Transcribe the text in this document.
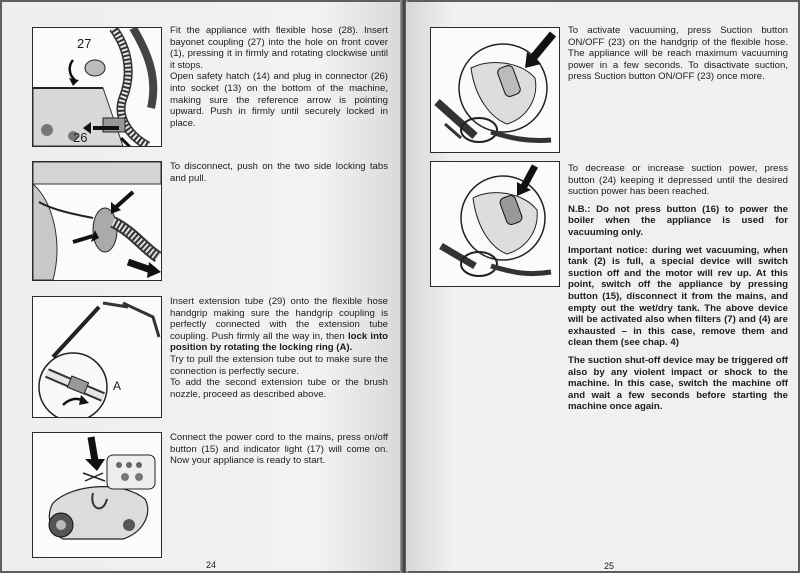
27
26
A

Fit the appliance with flexible hose (28). Insert bayonet coupling (27) into the hole on front cover (1), pressing it in firmly and rotating clockwise until it stops.
Open safety hatch (14) and plug in connector (26) into socket (13) on the bottom of the machine, making sure the reference arrow is pointing upward. Push in firmly until securely locked in place.

To disconnect, push on the two side locking tabs and pull.

Insert extension tube (29) onto the flexible hose handgrip making sure the handgrip coupling is perfectly connected with the extension tube coupling. Push firmly all the way in, then lock into position by rotating the locking ring (A).

Try to pull the extension tube out to make sure the connection is perfectly secure.

To add the second extension tube or the brush nozzle, proceed as described above.

Connect the power cord to the mains, press on/off button (15) and indicator light (17) will come on. Now your appliance is ready to start.

24

To activate vacuuming, press Suction button ON/OFF (23) on the handgrip of the flexible hose. The appliance will be reach maximum vacuuming power in a few seconds. To disactivate suction, press Suction button ON/OFF (23) once more.

To decrease or increase suction power, press button (24) keeping it depressed until the desired suction power has been reached.

N.B.: Do not press button (16) to power the boiler when the appliance is used for vacuuming only.

Important notice: during wet vacuuming, when tank (2) is full, a special device will switch suction off and the motor will rev up. At this point, switch off the appliance by pressing button (15), disconnect it from the mains, and empty out the wet/dry tank. The above device will be activated also when filters (7) and (4) are exhausted – in this case, remove them and clean them (see chap. 4)

The suction shut-off device may be triggered off also by any violent impact or shock to the machine. In this case, switch the machine off and wait a few seconds before starting the machine once again.

25
